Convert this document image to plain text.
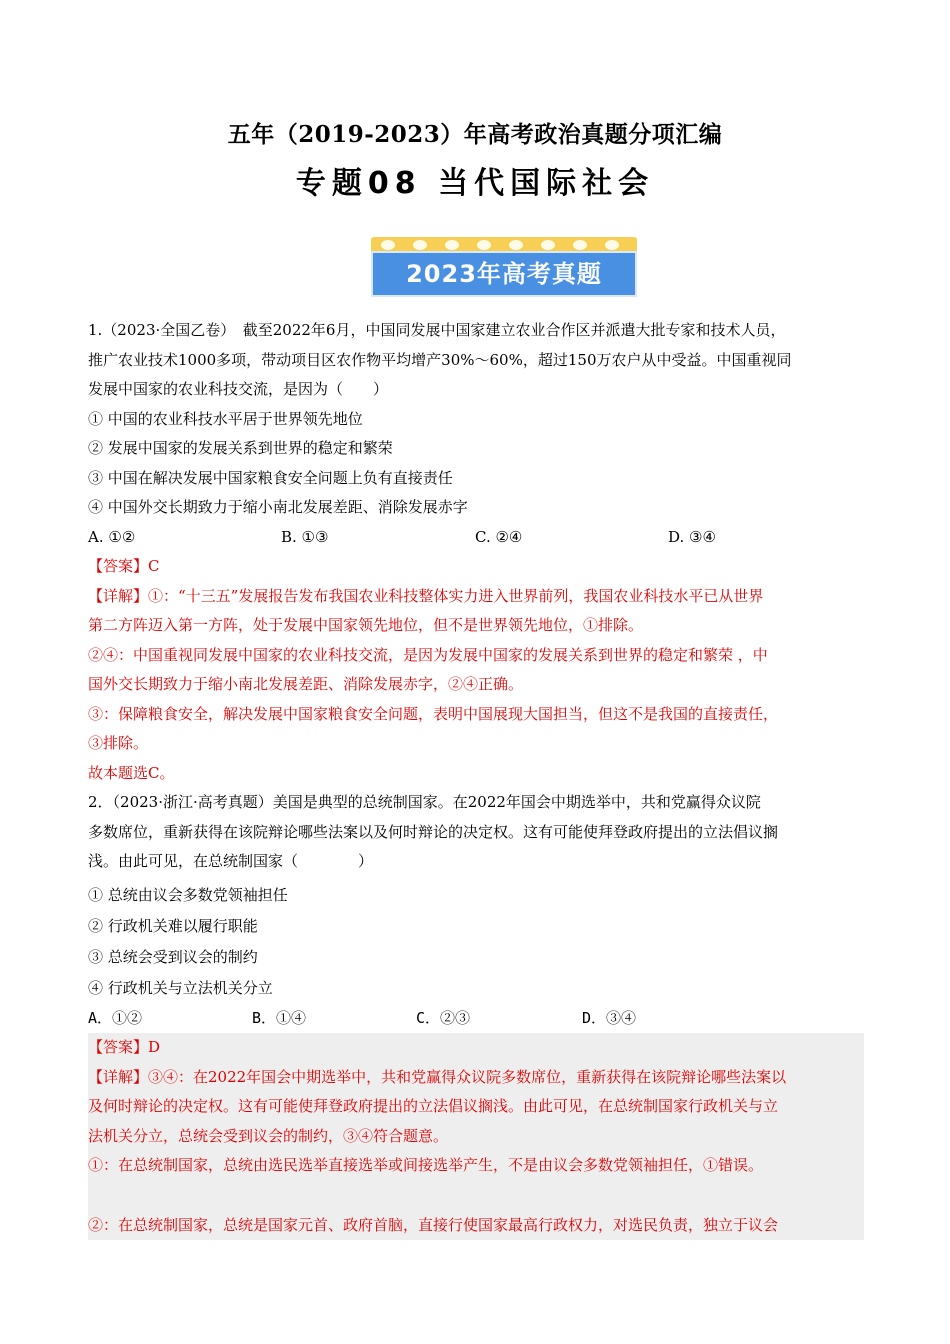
五年（2019-2023）年高考政治真题分项汇编
专题08 当代国际社会
2023年高考真题
1.（2023·全国乙卷）　截至2022年6月，中国同发展中国家建立农业合作区并派遣大批专家和技术人员，
推广农业技术1000多项，带动项目区农作物平均增产30%～60%，超过150万农户从中受益。中国重视同
发展中国家的农业科技交流，是因为（　　）
① 中国的农业科技水平居于世界领先地位
② 发展中国家的发展关系到世界的稳定和繁荣
③ 中国在解决发展中国家粮食安全问题上负有直接责任
④ 中国外交长期致力于缩小南北发展差距、消除发展赤字
A. ①②	B. ①③	C. ②④	D. ③④
【答案】C
【详解】①：“十三五”发展报告发布我国农业科技整体实力进入世界前列，我国农业科技水平已从世界
第二方阵迈入第一方阵，处于发展中国家领先地位，但不是世界领先地位，①排除。
②④：中国重视同发展中国家的农业科技交流，是因为发展中国家的发展关系到世界的稳定和繁荣 ，中
国外交长期致力于缩小南北发展差距、消除发展赤字，②④正确。
③：保障粮食安全，解决发展中国家粮食安全问题，表明中国展现大国担当，但这不是我国的直接责任，
③排除。
故本题选C。
2．（2023·浙江·高考真题）美国是典型的总统制国家。在2022年国会中期选举中，共和党赢得众议院
多数席位，重新获得在该院辩论哪些法案以及何时辩论的决定权。这有可能使拜登政府提出的立法倡议搁
浅。由此可见，在总统制国家（　　　　）
① 总统由议会多数党领袖担任
② 行政机关难以履行职能
③ 总统会受到议会的制约
④ 行政机关与立法机关分立
A．①②	B．①④	C．②③	D．③④
【答案】D
【详解】③④：在2022年国会中期选举中，共和党赢得众议院多数席位，重新获得在该院辩论哪些法案以
及何时辩论的决定权。这有可能使拜登政府提出的立法倡议搁浅。由此可见，在总统制国家行政机关与立
法机关分立，总统会受到议会的制约，③④符合题意。
①：在总统制国家，总统由选民选举直接选举或间接选举产生，不是由议会多数党领袖担任，①错误。
②：在总统制国家，总统是国家元首、政府首脑，直接行使国家最高行政权力，对选民负责，独立于议会
